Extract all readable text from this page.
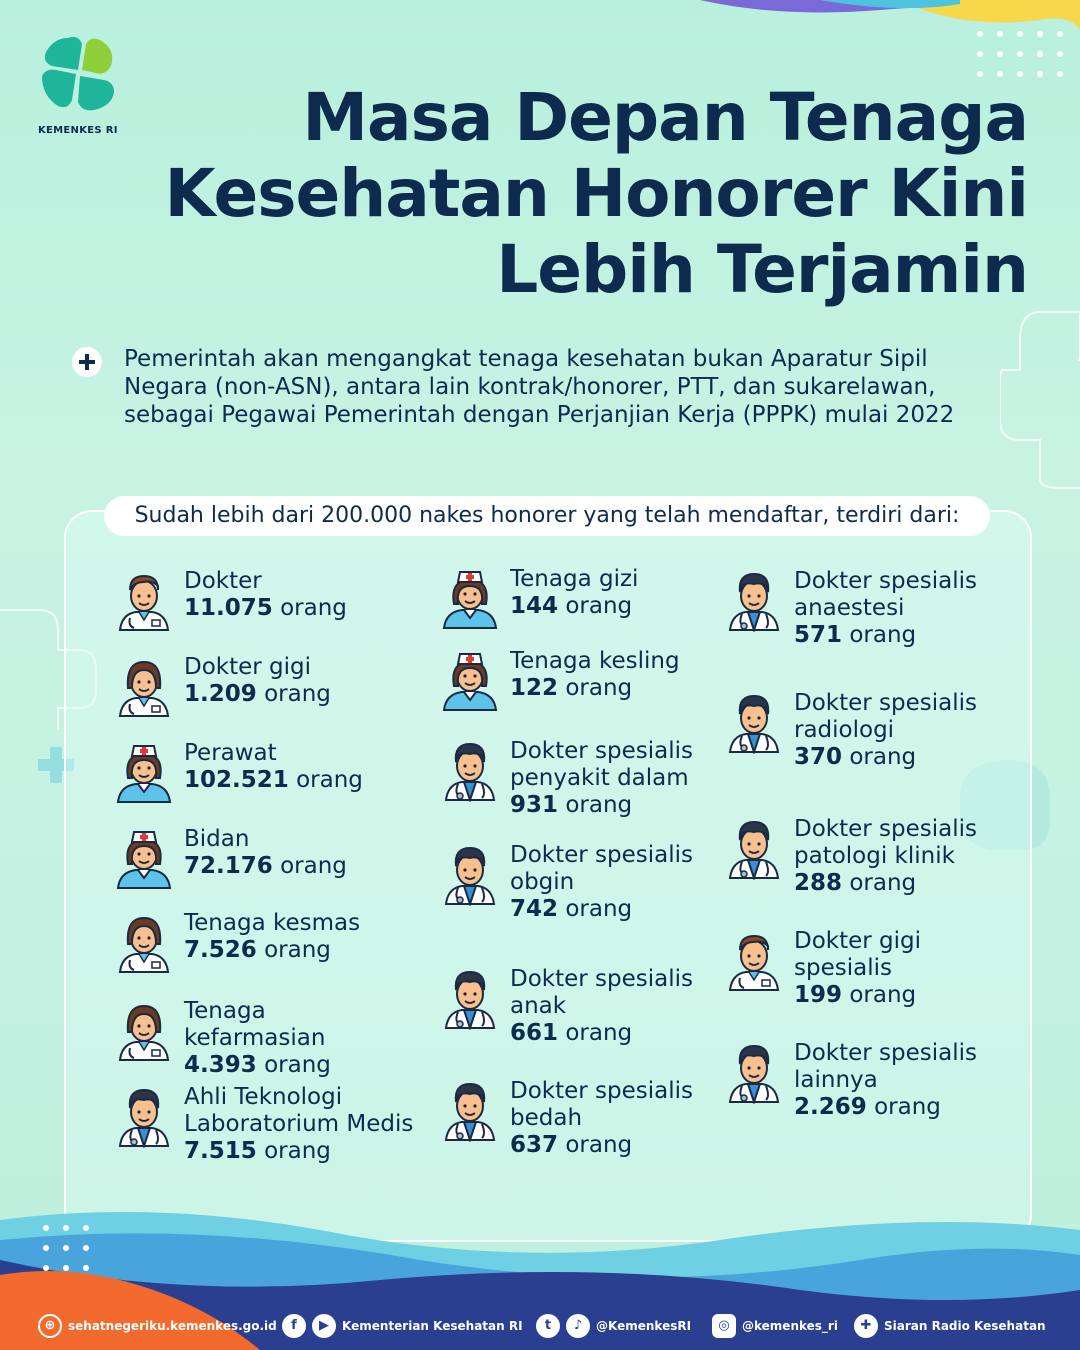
KEMENKES RI	Masa Depan Tenaga
Kesehatan Honorer Kini
Lebih Terjamin

Pemerintah akan mengangkat tenaga kesehatan bukan Aparatur Sipil Negara (non-ASN), antara lain kontrak/honorer, PTT, dan sukarelawan, sebagai Pegawai Pemerintah dengan Perjanjian Kerja (PPPK) mulai 2022

Sudah lebih dari 200.000 nakes honorer yang telah mendaftar, terdiri dari:
Dokter
11.075 orang
Dokter gigi
1.209 orang
Perawat
102.521 orang
Bidan
72.176 orang
Tenaga kesmas
7.526 orang
Tenaga kefarmasian
4.393 orang
Ahli Teknologi Laboratorium Medis
7.515 orang
Tenaga gizi
144 orang
Tenaga kesling
122 orang
Dokter spesialis penyakit dalam
931 orang
Dokter spesialis obgin
742 orang
Dokter spesialis anak
661 orang
Dokter spesialis bedah
637 orang
Dokter spesialis anaestesi
571 orang
Dokter spesialis radiologi
370 orang
Dokter spesialis patologi klinik
288 orang
Dokter gigi spesialis
199 orang
Dokter spesialis lainnya
2.269 orang
⊕	sehatnegeriku.kemenkes.go.id	f	▶	Kementerian Kesehatan RI	t	♪	@KemenkesRI	◎	@kemenkes_ri	✚	Siaran Radio Kesehatan
